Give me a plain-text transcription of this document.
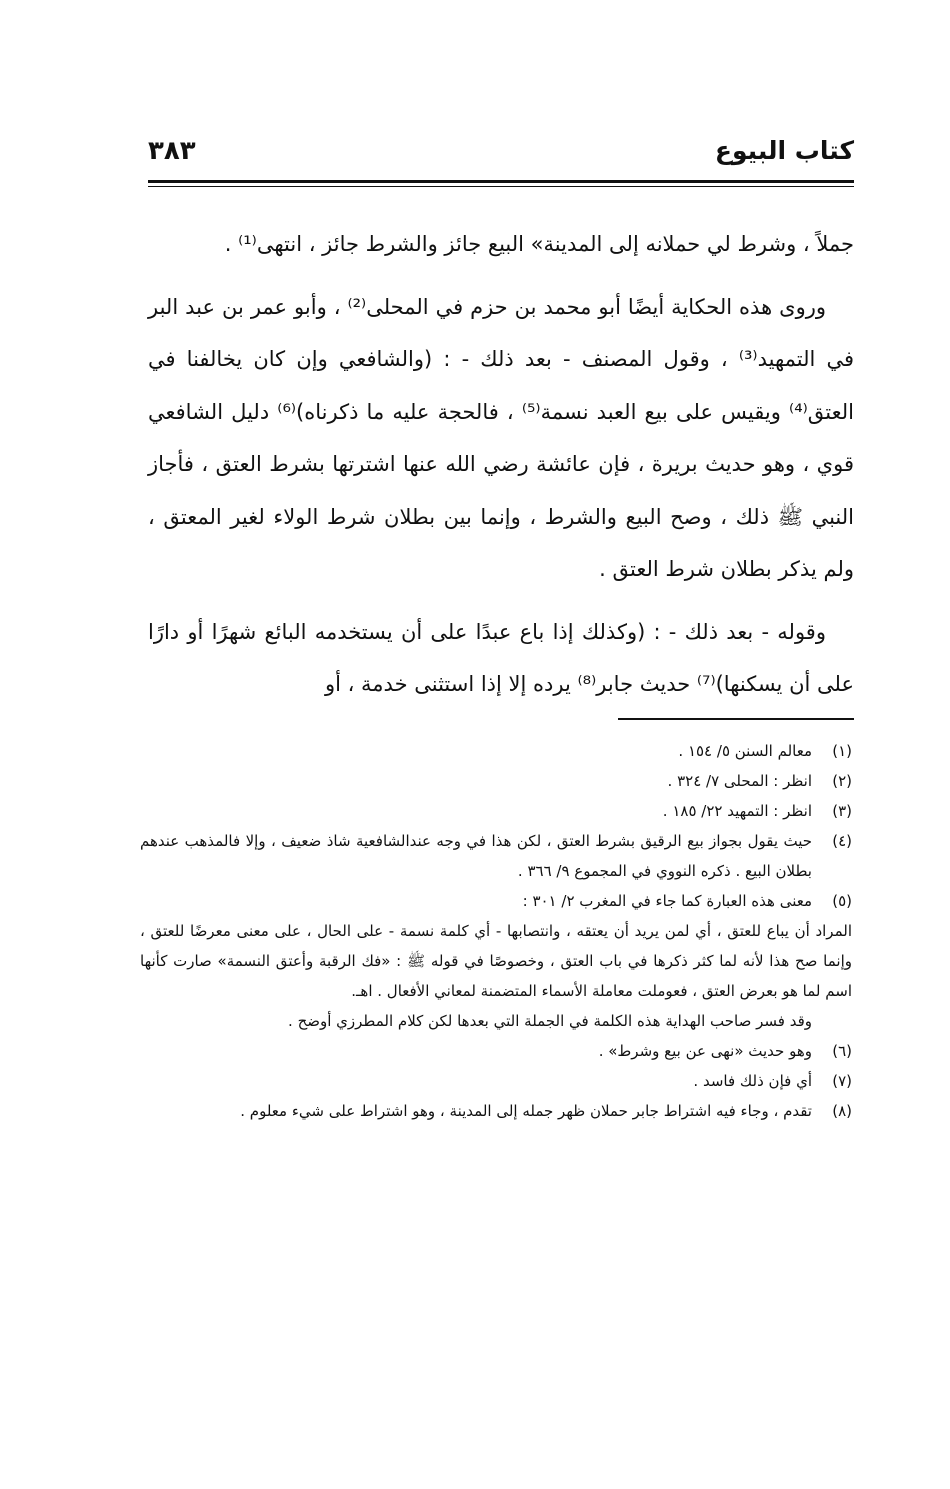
كتاب البيوع
٣٨٣

جملاً ، وشرط لي حملانه إلى المدينة» البيع جائز والشرط جائز ، انتهى⁽¹⁾ .

وروى هذه الحكاية أيضًا أبو محمد بن حزم في المحلى⁽²⁾ ، وأبو عمر بن عبد البر في التمهيد⁽³⁾ ، وقول المصنف - بعد ذلك - : (والشافعي وإن كان يخالفنا في العتق⁽⁴⁾ ويقيس على بيع العبد نسمة⁽⁵⁾ ، فالحجة عليه ما ذكرناه)⁽⁶⁾ دليل الشافعي قوي ، وهو حديث بريرة ، فإن عائشة رضي الله عنها اشترتها بشرط العتق ، فأجاز النبي ﷺ ذلك ، وصح البيع والشرط ، وإنما بين بطلان شرط الولاء لغير المعتق ، ولم يذكر بطلان شرط العتق .

وقوله - بعد ذلك - : (وكذلك إذا باع عبدًا على أن يستخدمه البائع شهرًا أو دارًا على أن يسكنها)⁽⁷⁾ حديث جابر⁽⁸⁾ يرده إلا إذا استثنى خدمة ، أو

(١)

معالم السنن ٥/ ١٥٤ .

(٢)

انظر : المحلى ٧/ ٣٢٤ .

(٣)

انظر : التمهيد ٢٢/ ١٨٥ .

(٤)

حيث يقول بجواز بيع الرقيق بشرط العتق ، لكن هذا في وجه عندالشافعية شاذ ضعيف ، وإلا فالمذهب عندهم بطلان البيع . ذكره النووي في المجموع ٩/ ٣٦٦ .

(٥)

معنى هذه العبارة كما جاء في المغرب ٢/ ٣٠١ :

المراد أن يباع للعتق ، أي لمن يريد أن يعتقه ، وانتصابها - أي كلمة نسمة - على الحال ، على معنى معرضًا للعتق ، وإنما صح هذا لأنه لما كثر ذكرها في باب العتق ، وخصوصًا في قوله ﷺ : «فك الرقبة وأعتق النسمة» صارت كأنها اسم لما هو بعرض العتق ، فعوملت معاملة الأسماء المتضمنة لمعاني الأفعال . اهـ.

وقد فسر صاحب الهداية هذه الكلمة في الجملة التي بعدها لكن كلام المطرزي أوضح .

(٦)

وهو حديث «نهى عن بيع وشرط» .

(٧)

أي فإن ذلك فاسد .

(٨)

تقدم ، وجاء فيه اشتراط جابر حملان ظهر جمله إلى المدينة ، وهو اشتراط على شيء معلوم .
